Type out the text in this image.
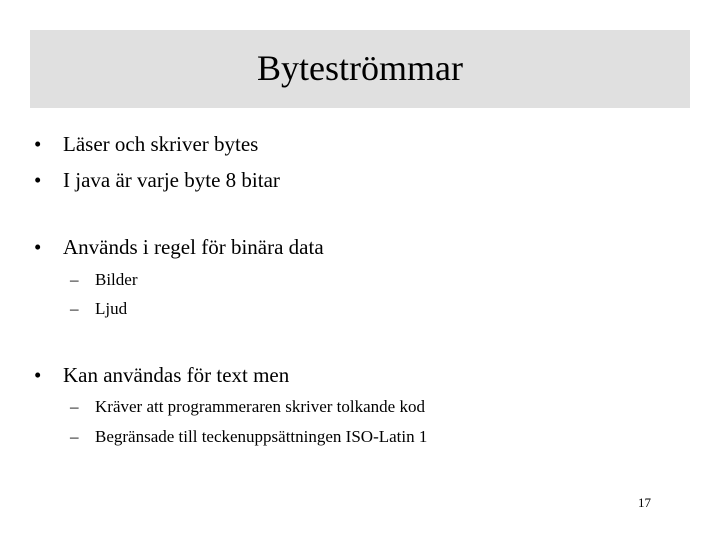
Byteströmmar
• Läser och skriver bytes
• I java är varje byte 8 bitar
• Används i regel för binära data
– Bilder
– Ljud
• Kan användas för text men
– Kräver att programmeraren skriver tolkande kod
– Begränsade till teckenuppsättningen ISO-Latin 1
17
